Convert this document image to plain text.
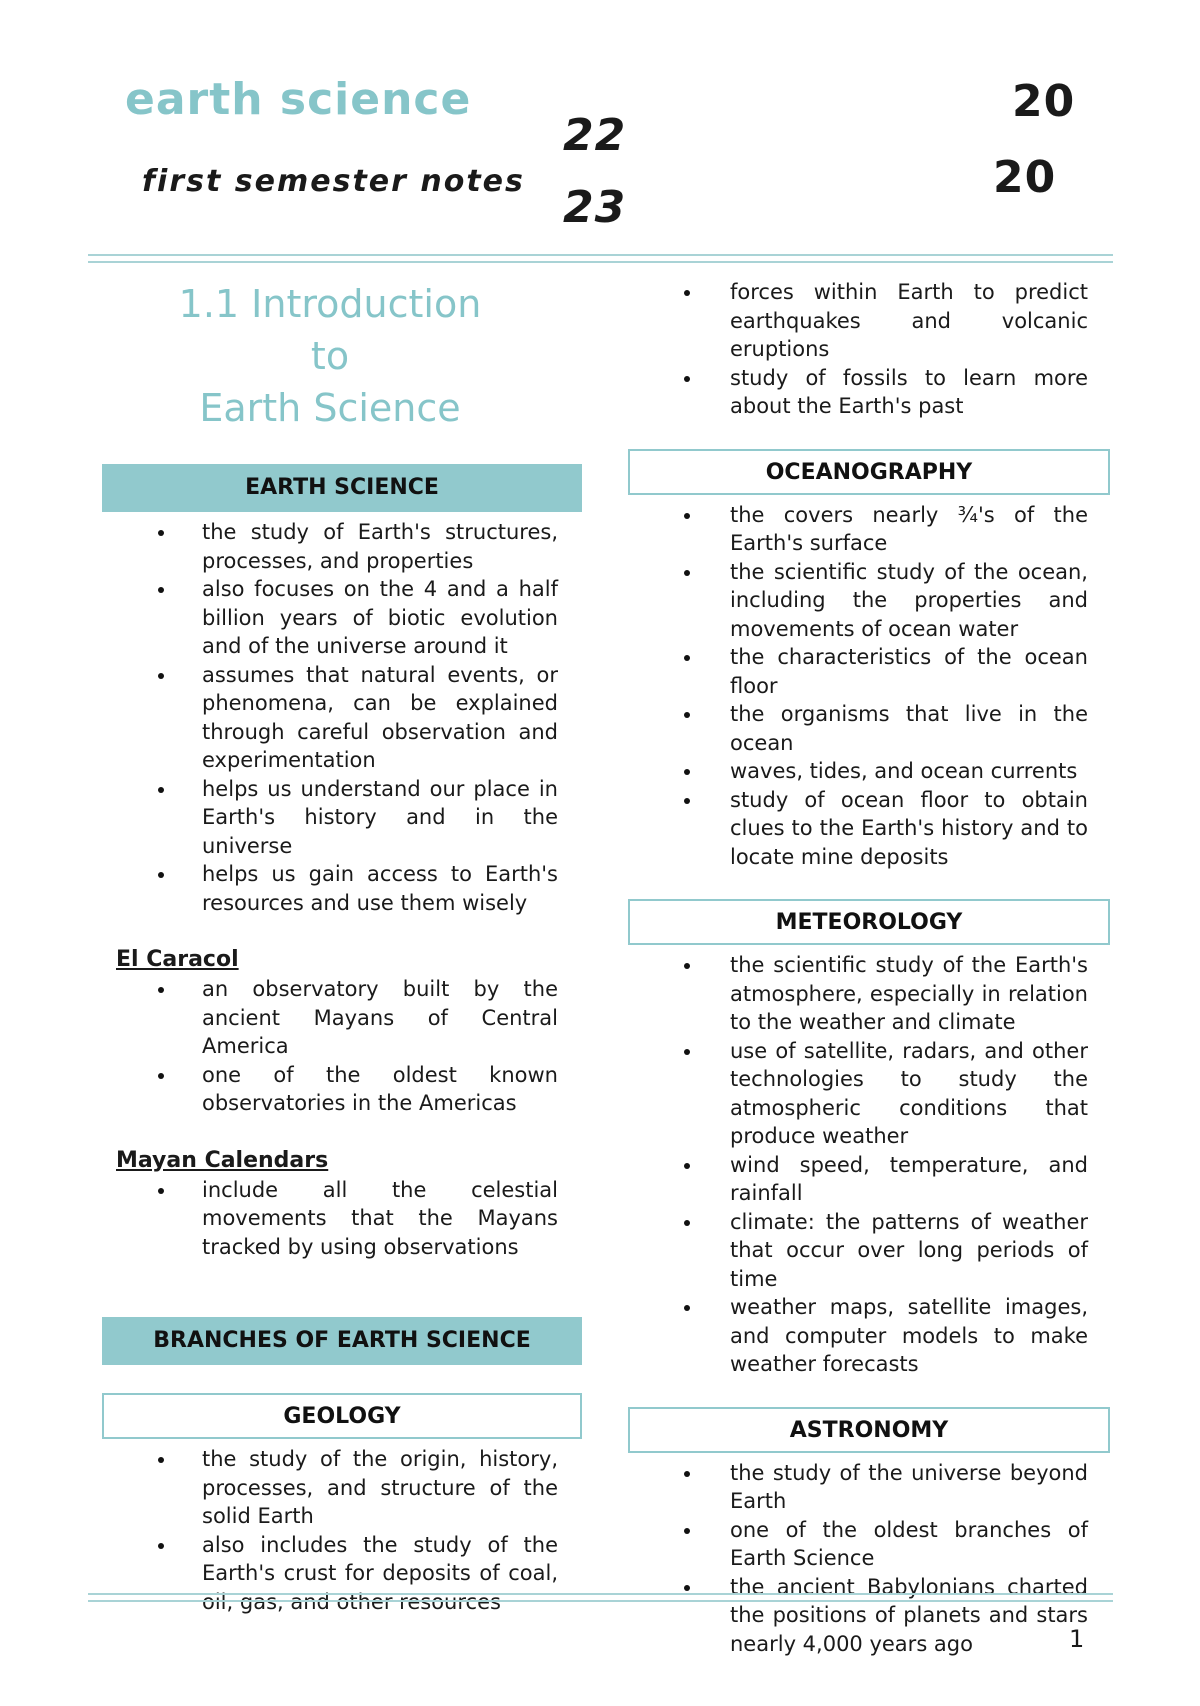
earth science
first semester notes
22
23
20
20
1.1 Introduction
to
Earth Science
EARTH SCIENCE
the study of Earth's structures, processes, and properties
also focuses on the 4 and a half billion years of biotic evolution and of the universe around it
assumes that natural events, or phenomena, can be explained through careful observation and experimentation
helps us understand our place in Earth's history and in the universe
helps us gain access to Earth's resources and use them wisely
El Caracol
an observatory built by the ancient Mayans of Central America
one of the oldest known observatories in the Americas
Mayan Calendars
include all the celestial movements that the Mayans tracked by using observations
BRANCHES OF EARTH SCIENCE
GEOLOGY
the study of the origin, history, processes, and structure of the solid Earth
also includes the study of the Earth's crust for deposits of coal, oil, gas, and other resources
forces within Earth to predict earthquakes and volcanic eruptions
study of fossils to learn more about the Earth's past
OCEANOGRAPHY
the covers nearly ¾'s of the Earth's surface
the scientific study of the ocean, including the properties and movements of ocean water
the characteristics of the ocean floor
the organisms that live in the ocean
waves, tides, and ocean currents
study of ocean floor to obtain clues to the Earth's history and to locate mine deposits
METEOROLOGY
the scientific study of the Earth's atmosphere, especially in relation to the weather and climate
use of satellite, radars, and other technologies to study the atmospheric conditions that produce weather
wind speed, temperature, and rainfall
climate: the patterns of weather that occur over long periods of time
weather maps, satellite images, and computer models to make weather forecasts
ASTRONOMY
the study of the universe beyond Earth
one of the oldest branches of Earth Science
the ancient Babylonians charted the positions of planets and stars nearly 4,000 years ago	1
